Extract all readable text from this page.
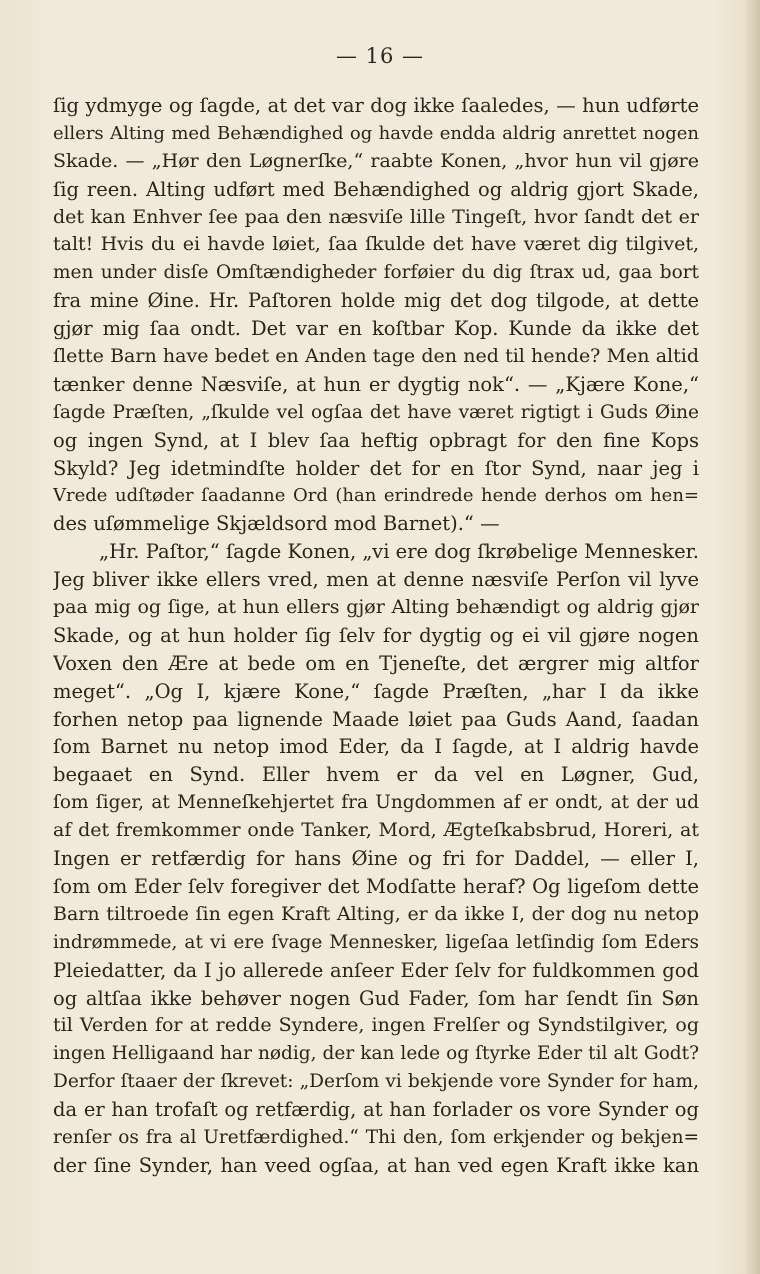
— 16 —
ſig ydmyge og ſagde, at det var dog ikke ſaaledes, — hun udførte
ellers Alting med Behændighed og havde endda aldrig anrettet nogen
Skade. — „Hør den Løgnerſke,“ raabte Konen, „hvor hun vil gjøre
ſig reen. Alting udført med Behændighed og aldrig gjort Skade,
det kan Enhver ſee paa den næsviſe lille Tingeſt, hvor ſandt det er
talt! Hvis du ei havde løiet, ſaa ſkulde det have været dig tilgivet,
men under disſe Omſtændigheder forføier du dig ſtrax ud, gaa bort
fra mine Øine. Hr. Paſtoren holde mig det dog tilgode, at dette
gjør mig ſaa ondt. Det var en koſtbar Kop. Kunde da ikke det
ſlette Barn have bedet en Anden tage den ned til hende? Men altid
tænker denne Næsviſe, at hun er dygtig nok“. — „Kjære Kone,“
ſagde Præſten, „ſkulde vel ogſaa det have været rigtigt i Guds Øine
og ingen Synd, at I blev ſaa heftig opbragt for den fine Kops
Skyld? Jeg idetmindſte holder det for en ſtor Synd, naar jeg i
Vrede udſtøder ſaadanne Ord (han erindrede hende derhos om hen=
des uſømmelige Skjældsord mod Barnet).“ —
„Hr. Paſtor,“ ſagde Konen, „vi ere dog ſkrøbelige Mennesker.
Jeg bliver ikke ellers vred, men at denne næsviſe Perſon vil lyve
paa mig og ſige, at hun ellers gjør Alting behændigt og aldrig gjør
Skade, og at hun holder ſig ſelv for dygtig og ei vil gjøre nogen
Voxen den Ære at bede om en Tjeneſte, det ærgrer mig altfor
meget“. „Og I, kjære Kone,“ ſagde Præſten, „har I da ikke
forhen netop paa lignende Maade løiet paa Guds Aand, ſaadan
ſom Barnet nu netop imod Eder, da I ſagde, at I aldrig havde
begaaet en Synd. Eller hvem er da vel en Løgner, Gud,
ſom ſiger, at Menneſkehjertet fra Ungdommen af er ondt, at der ud
af det fremkommer onde Tanker, Mord, Ægteſkabsbrud, Horeri, at
Ingen er retfærdig for hans Øine og fri for Daddel, — eller I,
ſom om Eder ſelv foregiver det Modſatte heraf? Og ligeſom dette
Barn tiltroede ſin egen Kraft Alting, er da ikke I, der dog nu netop
indrømmede, at vi ere ſvage Mennesker, ligeſaa letſindig ſom Eders
Pleiedatter, da I jo allerede anſeer Eder ſelv for fuldkommen god
og altſaa ikke behøver nogen Gud Fader, ſom har ſendt ſin Søn
til Verden for at redde Syndere, ingen Frelſer og Syndstilgiver, og
ingen Helligaand har nødig, der kan lede og ſtyrke Eder til alt Godt?
Derfor ſtaaer der ſkrevet: „Derſom vi bekjende vore Synder for ham,
da er han trofaſt og retfærdig, at han forlader os vore Synder og
renſer os fra al Uretfærdighed.“ Thi den, ſom erkjender og bekjen=
der ſine Synder, han veed ogſaa, at han ved egen Kraft ikke kan
